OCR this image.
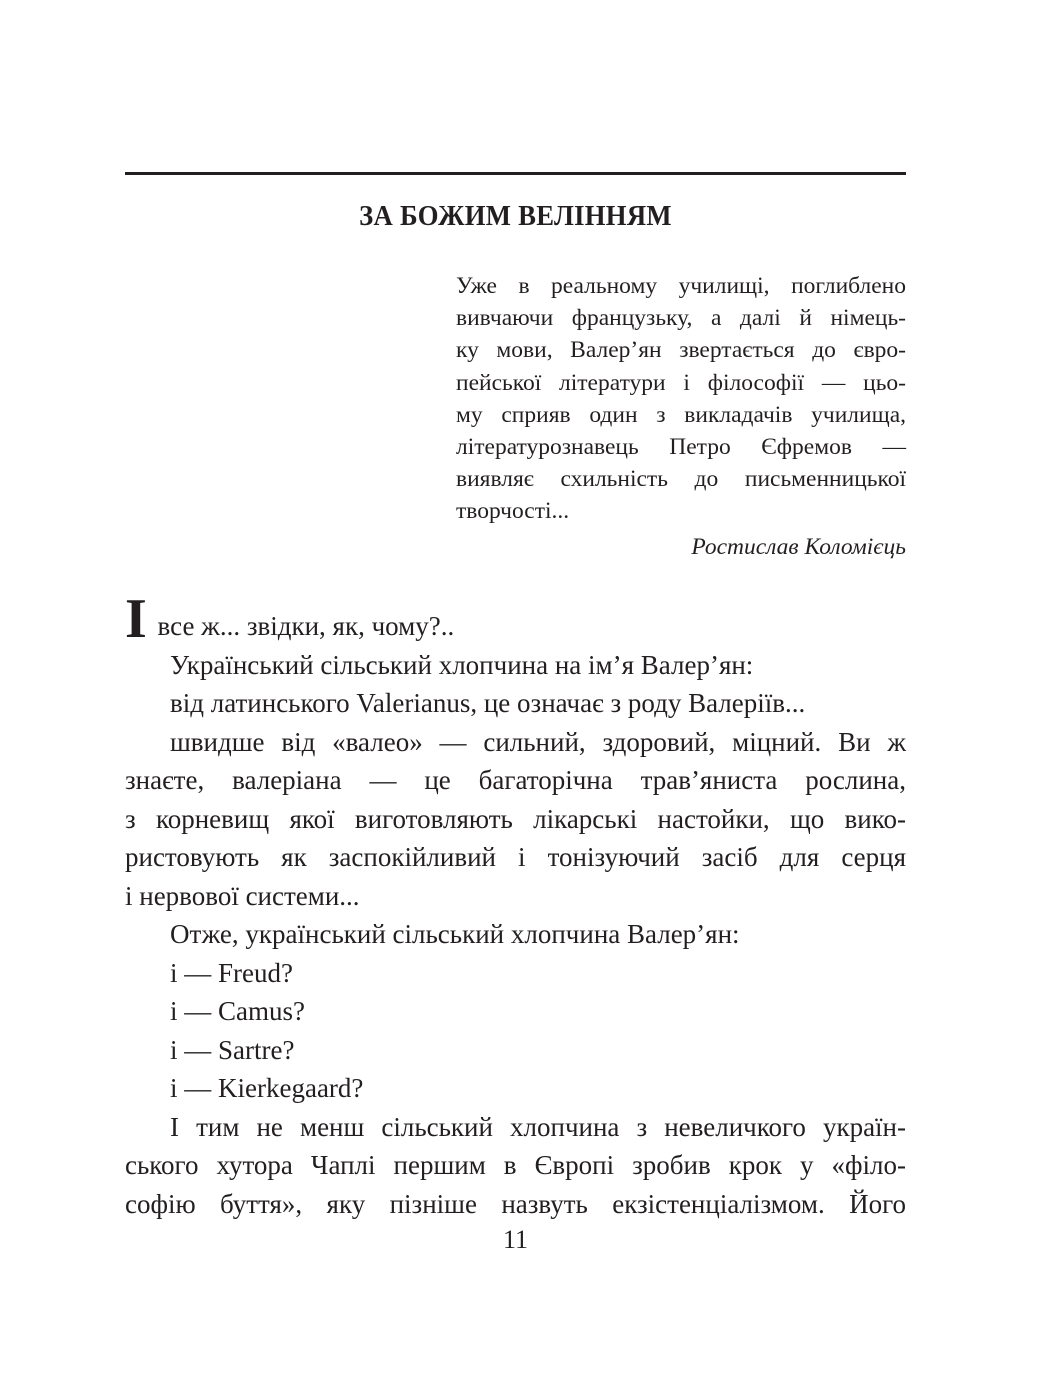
ЗА БОЖИМ ВЕЛІННЯМ
Уже в реальному училищі, поглиблено
вивчаючи французьку, а далі й німець-
ку мови, Валер’ян звертається до євро-
пейської літератури і філософії — цьо-
му сприяв один з викладачів училища,
літературознавець Петро Єфремов —
виявляє схильність до письменницької
творчості...
Ростислав Коломієць
І все ж... звідки, як, чому?..
Український сільський хлопчина на ім’я Валер’ян:
від латинського Valerianus, це означає з роду Валеріїв...
швидше від «валео» — сильний, здоровий, міцний. Ви ж
знаєте, валеріана — це багаторічна трав’яниста рослина,
з корневищ якої виготовляють лікарські настойки, що вико-
ристовують як заспокійливий і тонізуючий засіб для серця
і нервової системи...
Отже, український сільський хлопчина Валер’ян:
і — Freud?
і — Camus?
і — Sartre?
і — Kierkegaard?
І тим не менш сільський хлопчина з невеличкого україн-
ського хутора Чаплі першим в Європі зробив крок у «філо-
софію буття», яку пізніше назвуть екзістенціалізмом. Його
11
